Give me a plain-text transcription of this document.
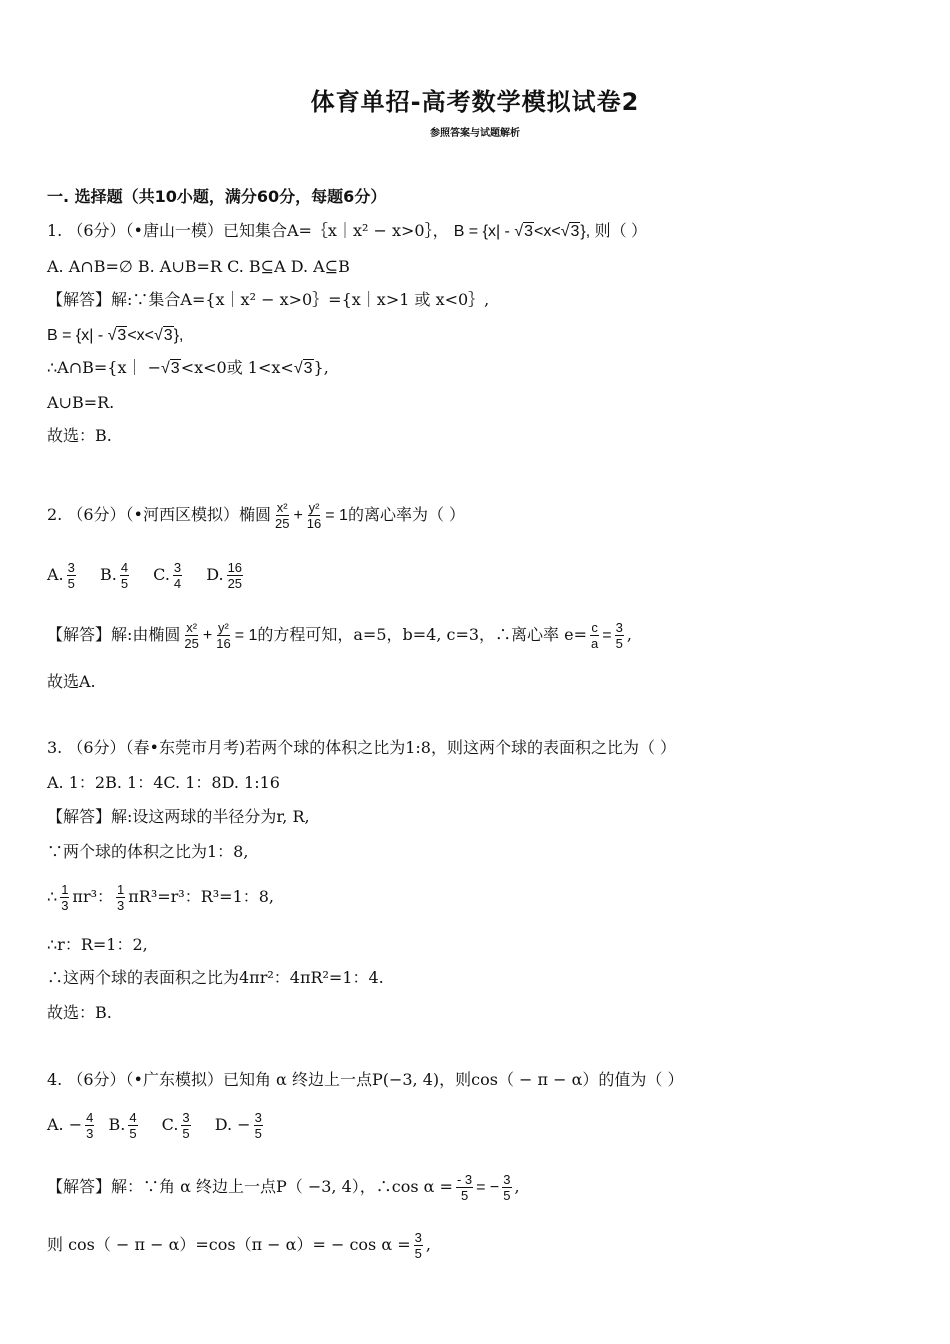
体育单招-高考数学模拟试卷2
参照答案与试题解析
一. 选择题（共10小题，满分60分，每题6分）
1. （6分）（•唐山一模）已知集合A=｛x｜x² − x>0｝， B = {x| - √3<x<√3}, 则（ ）
A. A∩B=∅ B. A∪B=R C. B⊆A D. A⊆B
【解答】解:∵集合A={x｜x² − x>0｝={x｜x>1 或 x<0｝,
B = {x| - √3<x<√3},
∴A∩B={x｜ −√3<x<0或 1<x<√3},
A∪B=R.
故选：B.
2. （6分）（•河西区模拟）椭圆 $\frac{\text{x²}}{25} + \frac{\text{y²}}{16} = 1$的离心率为（ ）
A. $\frac{3}{5} B$. $\frac{4}{5} C$. $\frac{3}{4} D$. $\frac{16}{25}$
【解答】解:由椭圆 $\frac{\text{x²}}{25} + \frac{\text{y²}}{16} = 1$的方程可知，a=5，b=4, c=3，∴离心率 $e= \frac{c}{a} = \frac{3}{5}$ ,
故选A.
3. （6分）（春•东莞市月考)若两个球的体积之比为1:8，则这两个球的表面积之比为（ ）
A. 1：2B. 1：4C. 1：8D. 1:16
【解答】解:设这两球的半径分为r, R,
∵两个球的体积之比为1：8,
∴ $\frac{1}{3} \pi r^3$： $\frac{1}{3} \pi R^3=r^3$：R³=1：8,
∴r：R=1：2,
∴这两个球的表面积之比为4πr²：4πR²=1：4.
故选：B.
4. （6分）（•广东模拟）已知角 α 终边上一点P(−3, 4)，则cos（ − π − α）的值为（ ）
A. − $\frac{4}{3} B$. $\frac{4}{5} C$. $\frac{3}{5} D$. − $\frac{3}{5}$
【解答】解：∵角 α 终边上一点P（ −3, 4），∴cos $\alpha = \frac{- 3}{5}$ = − $\frac{3}{5}$ ,
则 $\cos( - \pi - \alpha)=\cos(\pi - \alpha)= - \cos \alpha = \frac{3}{5}$ ,
